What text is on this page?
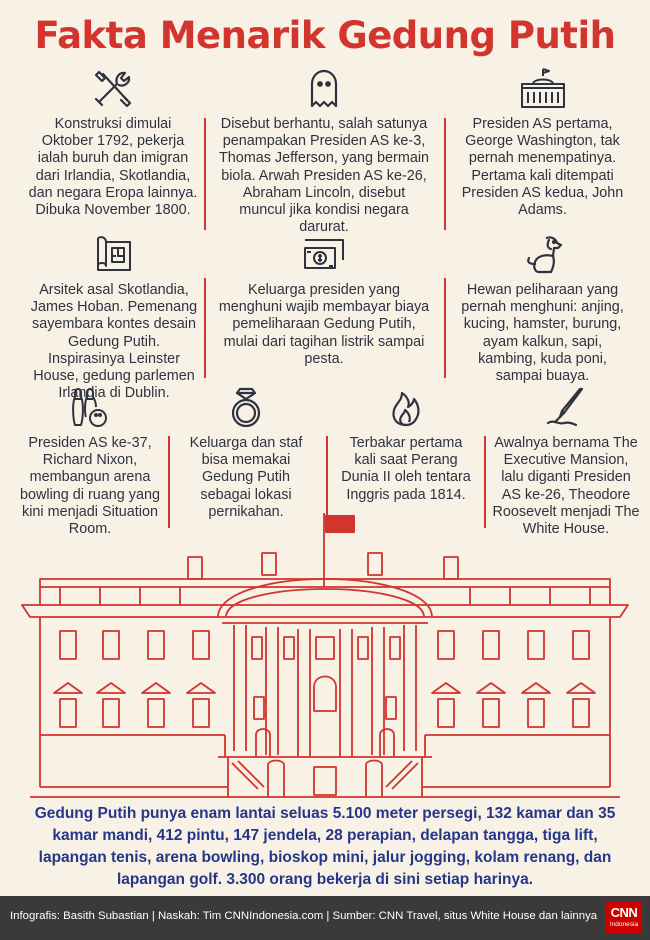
Fakta Menarik Gedung Putih
Konstruksi dimulai Oktober 1792, pekerja ialah buruh dan imigran dari Irlandia, Skotlandia, dan negara Eropa lainnya. Dibuka November 1800.
Disebut berhantu, salah satunya penampakan Presiden AS ke-3, Thomas Jefferson, yang bermain biola. Arwah Presiden AS ke-26, Abraham Lincoln, disebut muncul jika kondisi negara darurat.
Presiden AS pertama, George Washington, tak pernah menempatinya. Pertama kali ditempati Presiden AS kedua, John Adams.
Arsitek asal Skotlandia, James Hoban. Pemenang sayembara kontes desain Gedung Putih. Inspirasinya Leinster House, gedung parlemen Irlandia di Dublin.
Keluarga presiden yang menghuni wajib membayar biaya pemeliharaan Gedung Putih, mulai dari tagihan listrik sampai pesta.
Hewan peliharaan yang pernah menghuni: anjing, kucing, hamster, burung, ayam kalkun, sapi, kambing, kuda poni, sampai buaya.
Presiden AS ke-37, Richard Nixon, membangun arena bowling di ruang yang kini menjadi Situation Room.
Keluarga dan staf bisa memakai Gedung Putih sebagai lokasi pernikahan.
Terbakar pertama kali saat Perang Dunia II oleh tentara Inggris pada 1814.
Awalnya bernama The Executive Mansion, lalu diganti Presiden AS ke-26, Theodore Roosevelt menjadi The White House.
Gedung Putih punya enam lantai seluas 5.100 meter persegi, 132 kamar dan 35 kamar mandi, 412 pintu, 147 jendela, 28 perapian, delapan tangga, tiga lift, lapangan tenis, arena bowling, bioskop mini, jalur jogging, kolam renang, dan lapangan golf. 3.300 orang bekerja di sini setiap harinya.
Infografis: Basith Subastian | Naskah: Tim CNNIndonesia.com | Sumber: CNN Travel, situs White House dan lainnya	CNN
Indonesia
